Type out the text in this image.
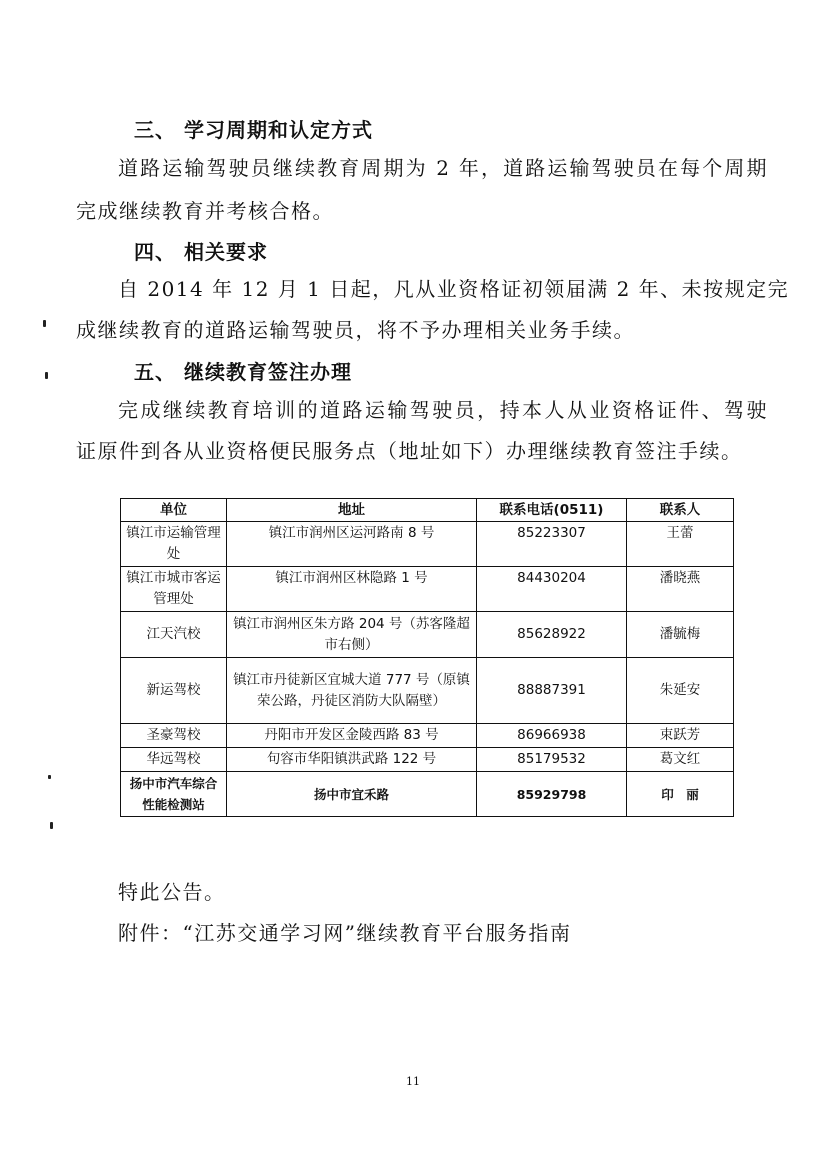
三、 学习周期和认定方式
道路运输驾驶员继续教育周期为 2 年，道路运输驾驶员在每个周期
完成继续教育并考核合格。
四、 相关要求
自 2014 年 12 月 1 日起，凡从业资格证初领届满 2 年、未按规定完
成继续教育的道路运输驾驶员，将不予办理相关业务手续。
五、 继续教育签注办理
完成继续教育培训的道路运输驾驶员，持本人从业资格证件、驾驶
证原件到各从业资格便民服务点（地址如下）办理继续教育签注手续。
单位	地址	联系电话(0511)	联系人
镇江市运输管理处	镇江市润州区运河路南 8 号	85223307	王蕾
镇江市城市客运管理处	镇江市润州区林隐路 1 号	84430204	潘晓燕
江天汽校	镇江市润州区朱方路 204 号（苏客隆超市右侧）	85628922	潘毓梅
新运驾校	镇江市丹徒新区宜城大道 777 号（原镇荣公路，丹徒区消防大队隔壁）	88887391	朱延安
圣豪驾校	丹阳市开发区金陵西路 83 号	86966938	束跃芳
华远驾校	句容市华阳镇洪武路 122 号	85179532	葛文红
扬中市汽车综合性能检测站	扬中市宜禾路	85929798	印　丽
特此公告。
附件：“江苏交通学习网”继续教育平台服务指南
11
